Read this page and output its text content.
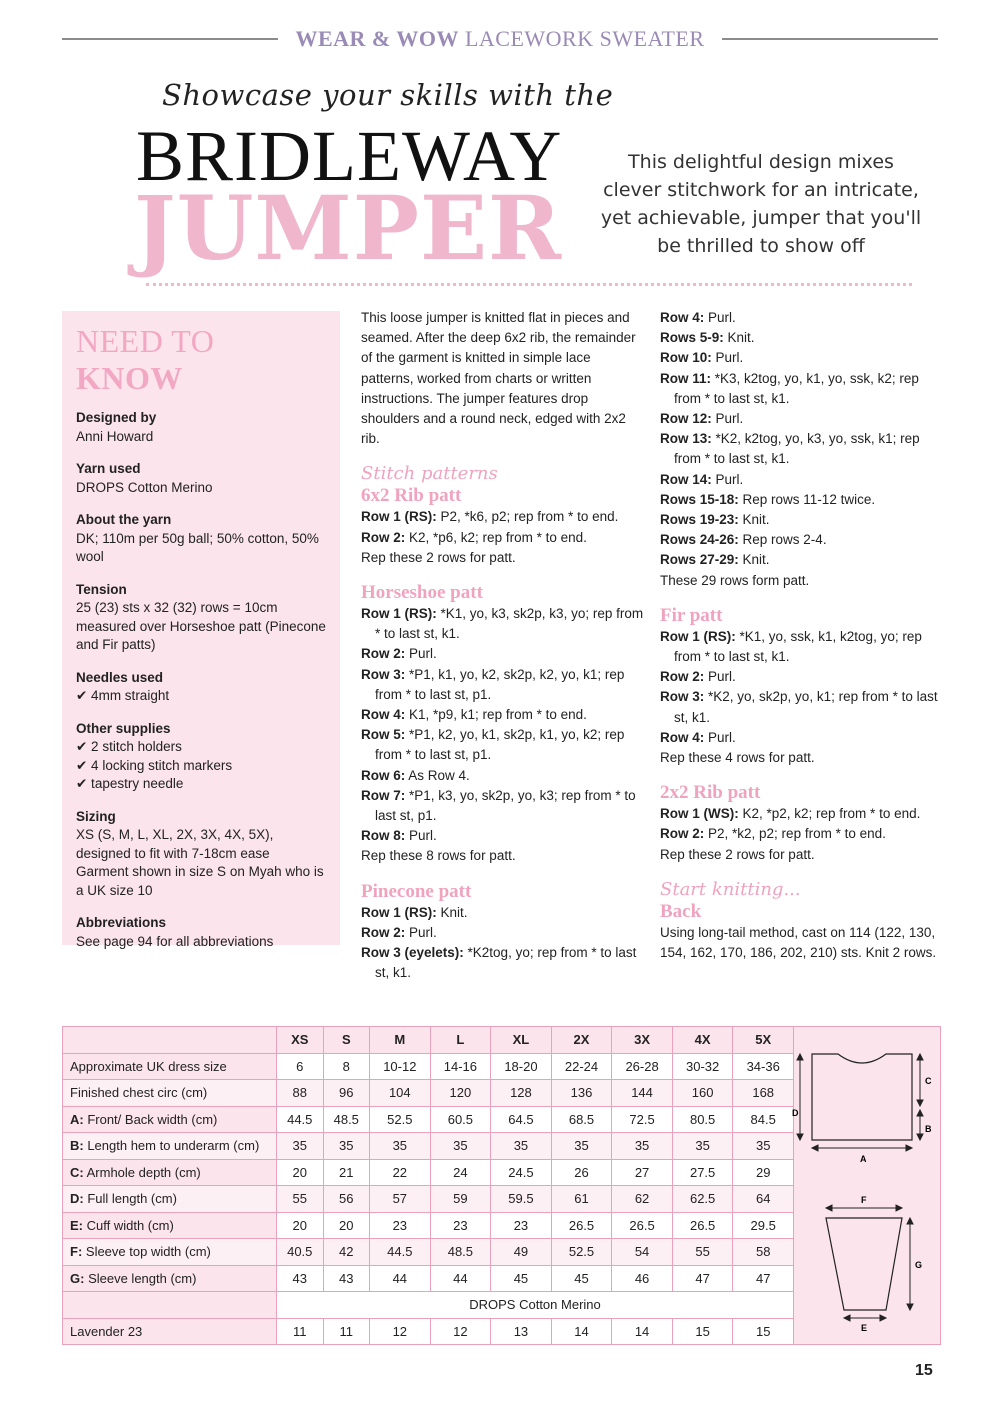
WEAR & WOW LACEWORK SWEATER
Showcase your skills with the
BRIDLEWAY
JUMPER
This delightful design mixes clever stitchwork for an intricate, yet achievable, jumper that you'll be thrilled to show off
NEED TO KNOW
Designed by
Anni Howard
Yarn used
DROPS Cotton Merino
About the yarn
DK; 110m per 50g ball; 50% cotton, 50% wool
Tension
25 (23) sts x 32 (32) rows = 10cm measured over Horseshoe patt (Pinecone and Fir patts)
Needles used
✔ 4mm straight
Other supplies
✔ 2 stitch holders
✔ 4 locking stitch markers
✔ tapestry needle
Sizing
XS (S, M, L, XL, 2X, 3X, 4X, 5X), designed to fit with 7-18cm ease
Garment shown in size S on Myah who is a UK size 10
Abbreviations
See page 94 for all abbreviations

This loose jumper is knitted flat in pieces and seamed. After the deep 6x2 rib, the remainder of the garment is knitted in simple lace patterns, worked from charts or written instructions. The jumper features drop shoulders and a round neck, edged with 2x2 rib.

Stitch patterns
6x2 Rib patt

Row 1 (RS): P2, *k6, p2; rep from * to end.

Row 2: K2, *p6, k2; rep from * to end.

Rep these 2 rows for patt.

Horseshoe patt

Row 1 (RS): *K1, yo, k3, sk2p, k3, yo; rep from * to last st, k1.

Row 2: Purl.

Row 3: *P1, k1, yo, k2, sk2p, k2, yo, k1; rep from * to last st, p1.

Row 4: K1, *p9, k1; rep from * to end.

Row 5: *P1, k2, yo, k1, sk2p, k1, yo, k2; rep from * to last st, p1.

Row 6: As Row 4.

Row 7: *P1, k3, yo, sk2p, yo, k3; rep from * to last st, p1.

Row 8: Purl.

Rep these 8 rows for patt.

Pinecone patt

Row 1 (RS): Knit.

Row 2: Purl.

Row 3 (eyelets): *K2tog, yo; rep from * to last st, k1.

Row 4: Purl.

Rows 5-9: Knit.

Row 10: Purl.

Row 11: *K3, k2tog, yo, k1, yo, ssk, k2; rep from * to last st, k1.

Row 12: Purl.

Row 13: *K2, k2tog, yo, k3, yo, ssk, k1; rep from * to last st, k1.

Row 14: Purl.

Rows 15-18: Rep rows 11-12 twice.

Rows 19-23: Knit.

Rows 24-26: Rep rows 2-4.

Rows 27-29: Knit.

These 29 rows form patt.

Fir patt

Row 1 (RS): *K1, yo, ssk, k1, k2tog, yo; rep from * to last st, k1.

Row 2: Purl.

Row 3: *K2, yo, sk2p, yo, k1; rep from * to last st, k1.

Row 4: Purl.

Rep these 4 rows for patt.

2x2 Rib patt

Row 1 (WS): K2, *p2, k2; rep from * to end.

Row 2: P2, *k2, p2; rep from * to end.

Rep these 2 rows for patt.

Start knitting...
Back

Using long-tail method, cast on 114 (122, 130, 154, 162, 170, 186, 202, 210) sts. Knit 2 rows.

	XS	S	M	L	XL	2X	3X	4X	5X	
Approximate UK dress size	6	8	10-12	14-16	18-20	22-24	26-28	30-32	34-36	
Finished chest circ (cm)	88	96	104	120	128	136	144	160	168	
A: Front/ Back width (cm)	44.5	48.5	52.5	60.5	64.5	68.5	72.5	80.5	84.5	
B: Length hem to underarm (cm)	35	35	35	35	35	35	35	35	35	
C: Armhole depth (cm)	20	21	22	24	24.5	26	27	27.5	29	
D: Full length (cm)	55	56	57	59	59.5	61	62	62.5	64	
E: Cuff width (cm)	20	20	23	23	23	26.5	26.5	26.5	29.5	
F: Sleeve top width (cm)	40.5	42	44.5	48.5	49	52.5	54	55	58	
G: Sleeve length (cm)	43	43	44	44	45	45	46	47	47	
	DROPS Cotton Merino									
Lavender 23	11	11	12	12	13	14	14	15	15	
D
C
B
A
F
G
E
15
